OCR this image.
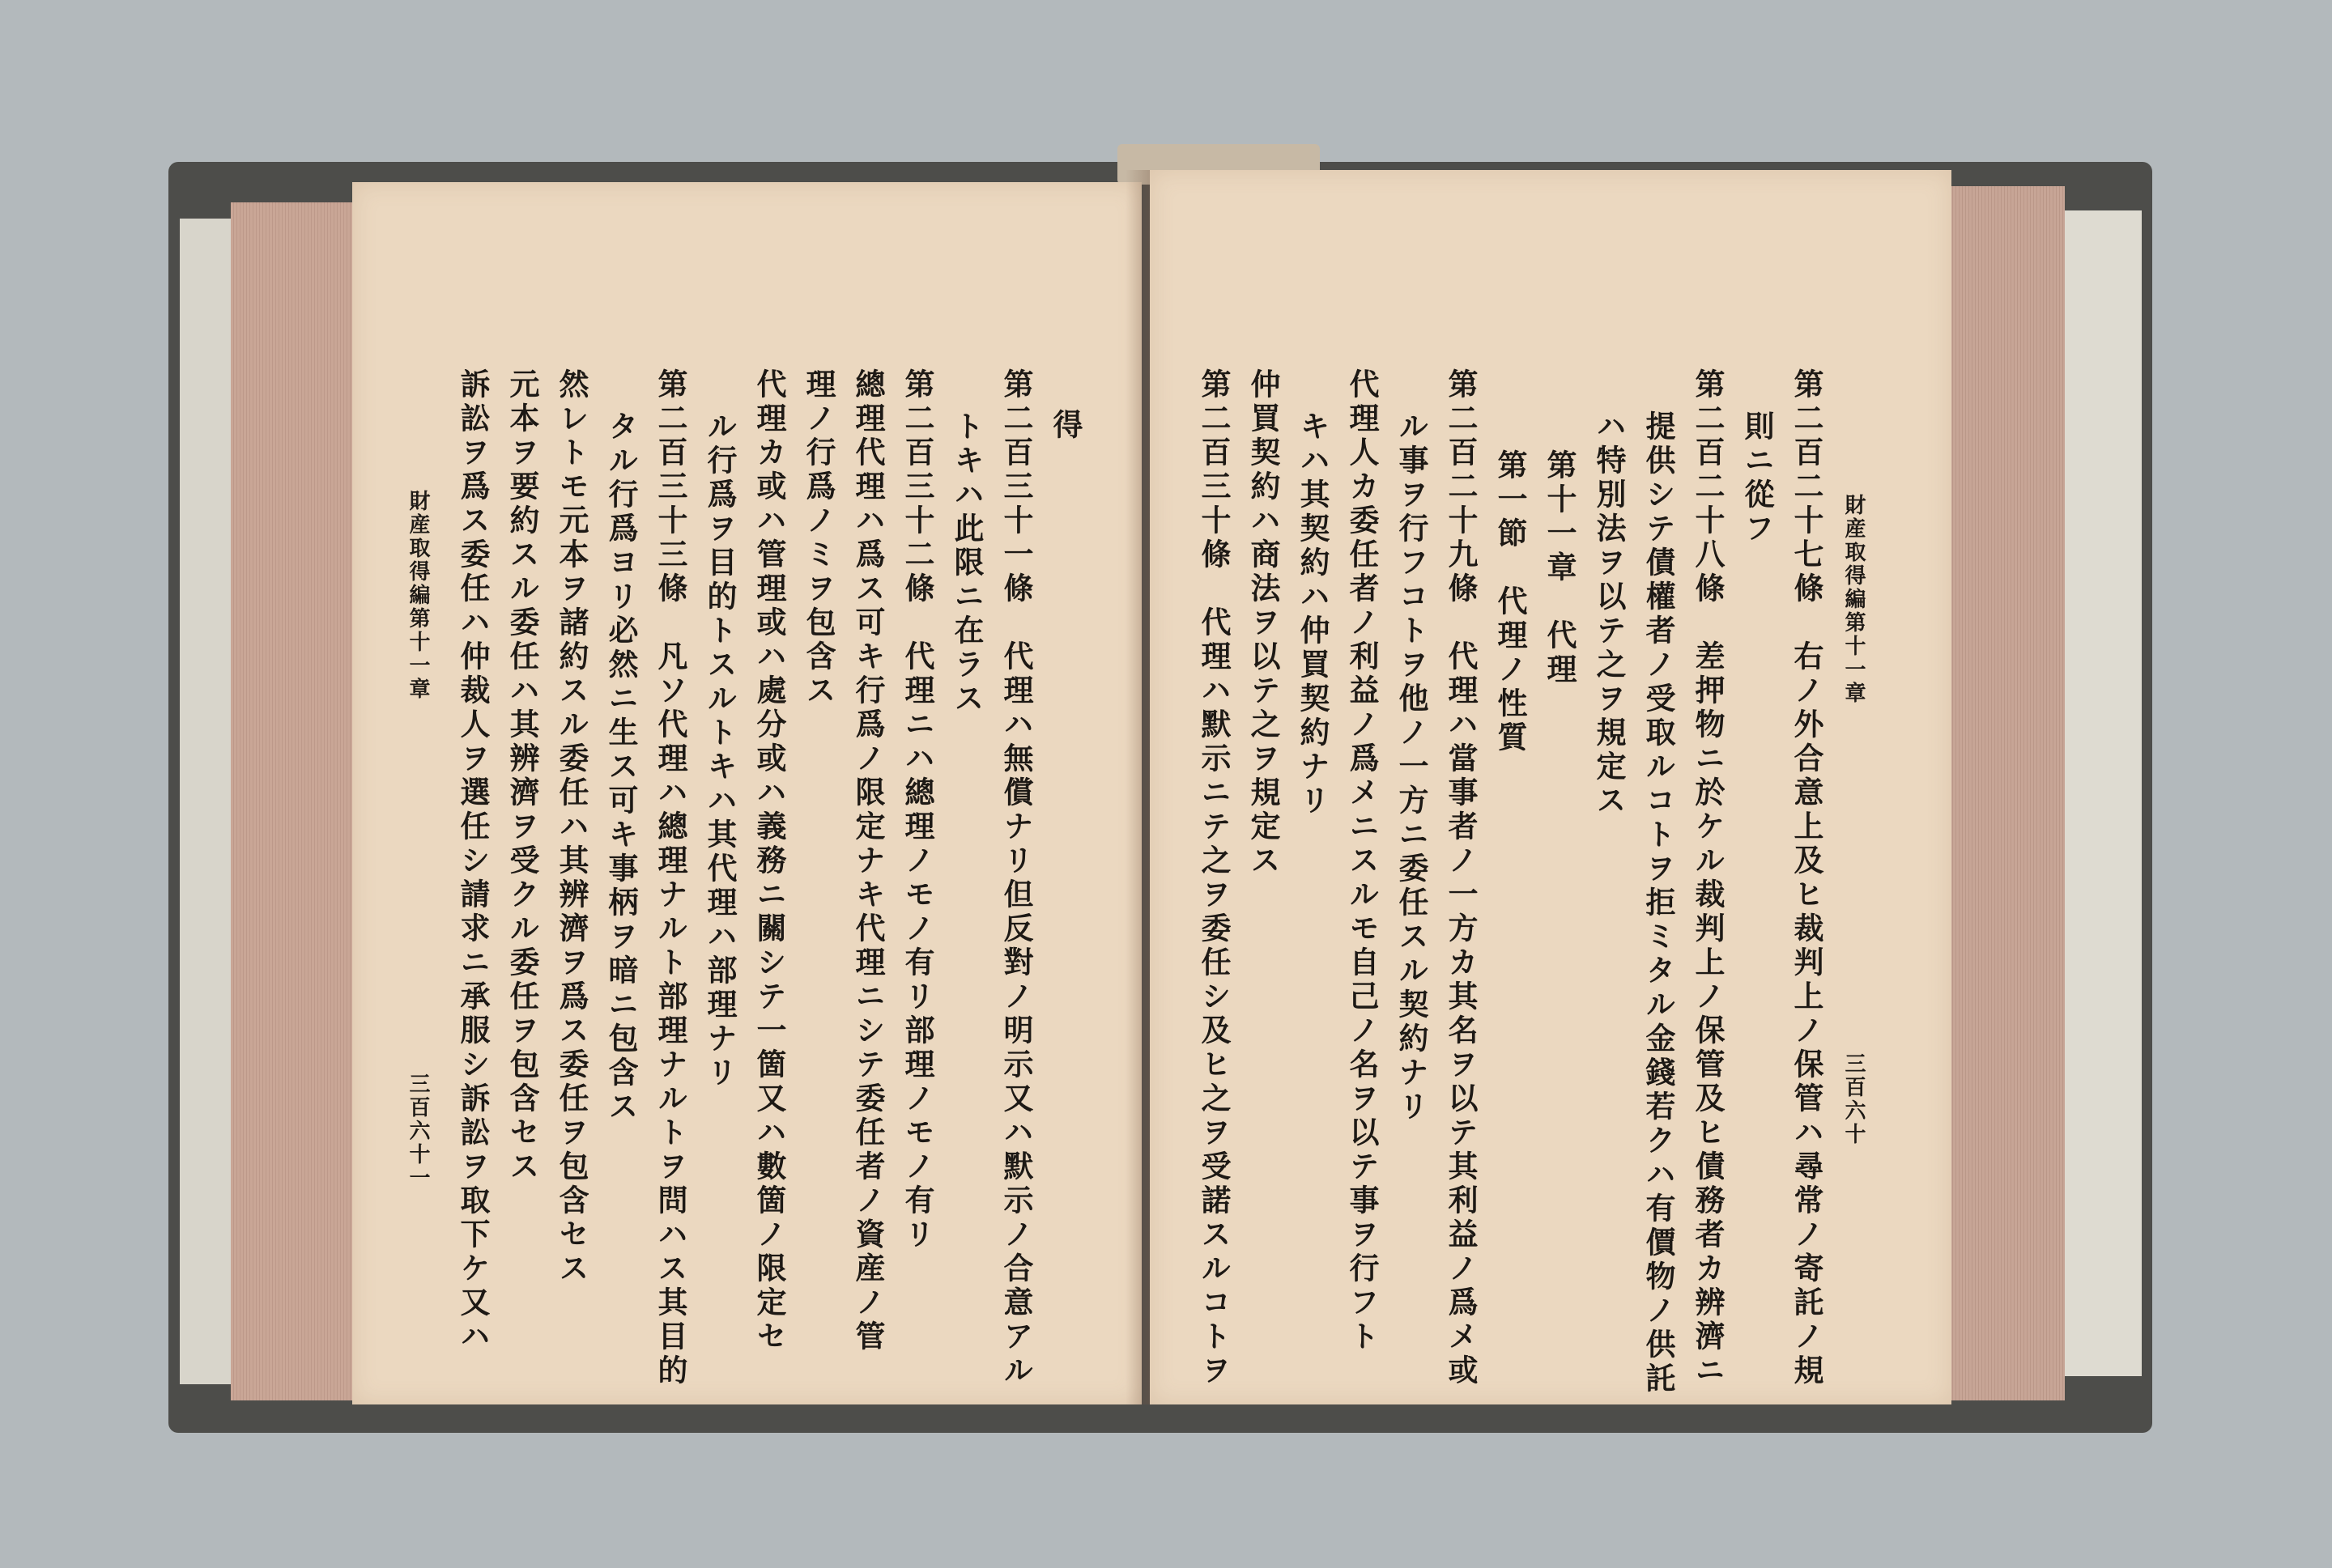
得
第二百三十一條　代理ハ無償ナリ但反對ノ明示又ハ默示ノ合意アル
トキハ此限ニ在ラス
第二百三十二條　代理ニハ總理ノモノ有リ部理ノモノ有リ
總理代理ハ爲ス可キ行爲ノ限定ナキ代理ニシテ委任者ノ資産ノ管
理ノ行爲ノミヲ包含ス
代理カ或ハ管理或ハ處分或ハ義務ニ關シテ一箇又ハ數箇ノ限定セ
ル行爲ヲ目的トスルトキハ其代理ハ部理ナリ
第二百三十三條　凡ソ代理ハ總理ナルト部理ナルトヲ問ハス其目的
タル行爲ヨリ必然ニ生ス可キ事柄ヲ暗ニ包含ス
然レトモ元本ヲ諸約スル委任ハ其辨濟ヲ爲ス委任ヲ包含セス
元本ヲ要約スル委任ハ其辨濟ヲ受クル委任ヲ包含セス
訴訟ヲ爲ス委任ハ仲裁人ヲ選任シ請求ニ承服シ訴訟ヲ取下ケ又ハ
財産取得編第十一章
三百六十一
財産取得編第十一章
三百六十
第二百二十七條　右ノ外合意上及ヒ裁判上ノ保管ハ尋常ノ寄託ノ規
則ニ從フ
第二百二十八條　差押物ニ於ケル裁判上ノ保管及ヒ債務者カ辨濟ニ
提供シテ債權者ノ受取ルコトヲ拒ミタル金錢若クハ有價物ノ供託
ハ特別法ヲ以テ之ヲ規定ス
第十一章　代理
第一節　代理ノ性質
第二百二十九條　代理ハ當事者ノ一方カ其名ヲ以テ其利益ノ爲メ或
ル事ヲ行フコトヲ他ノ一方ニ委任スル契約ナリ
代理人カ委任者ノ利益ノ爲メニスルモ自己ノ名ヲ以テ事ヲ行フト
キハ其契約ハ仲買契約ナリ
仲買契約ハ商法ヲ以テ之ヲ規定ス
第二百三十條　代理ハ默示ニテ之ヲ委任シ及ヒ之ヲ受諾スルコトヲ
